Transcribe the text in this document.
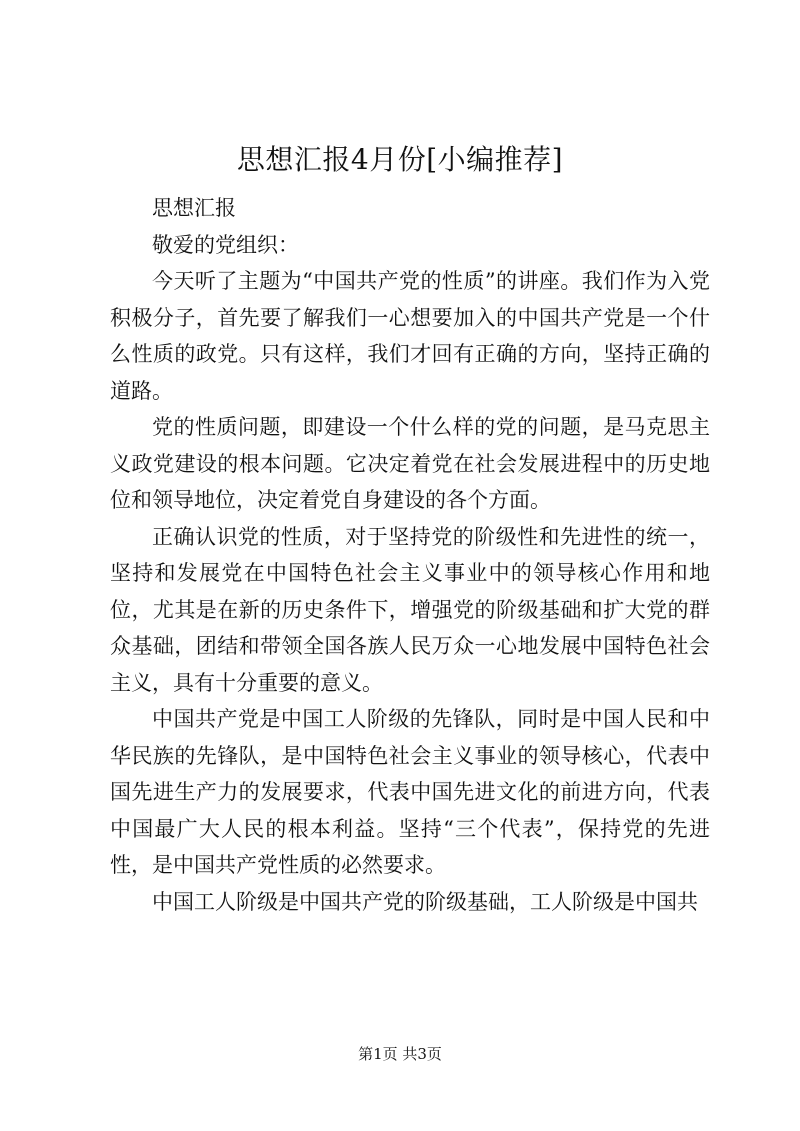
思想汇报4月份[小编推荐]

思想汇报

敬爱的党组织：

今天听了主题为“中国共产党的性质”的讲座。我们作为入党积极分子，首先要了解我们一心想要加入的中国共产党是一个什么性质的政党。只有这样，我们才回有正确的方向，坚持正确的道路。

党的性质问题，即建设一个什么样的党的问题，是马克思主义政党建设的根本问题。它决定着党在社会发展进程中的历史地位和领导地位，决定着党自身建设的各个方面。

正确认识党的性质，对于坚持党的阶级性和先进性的统一，坚持和发展党在中国特色社会主义事业中的领导核心作用和地位，尤其是在新的历史条件下，增强党的阶级基础和扩大党的群众基础，团结和带领全国各族人民万众一心地发展中国特色社会主义，具有十分重要的意义。

中国共产党是中国工人阶级的先锋队，同时是中国人民和中华民族的先锋队，是中国特色社会主义事业的领导核心，代表中国先进生产力的发展要求，代表中国先进文化的前进方向，代表中国最广大人民的根本利益。坚持“三个代表”，保持党的先进性，是中国共产党性质的必然要求。

中国工人阶级是中国共产党的阶级基础，工人阶级是中国共

第1页 共3页
